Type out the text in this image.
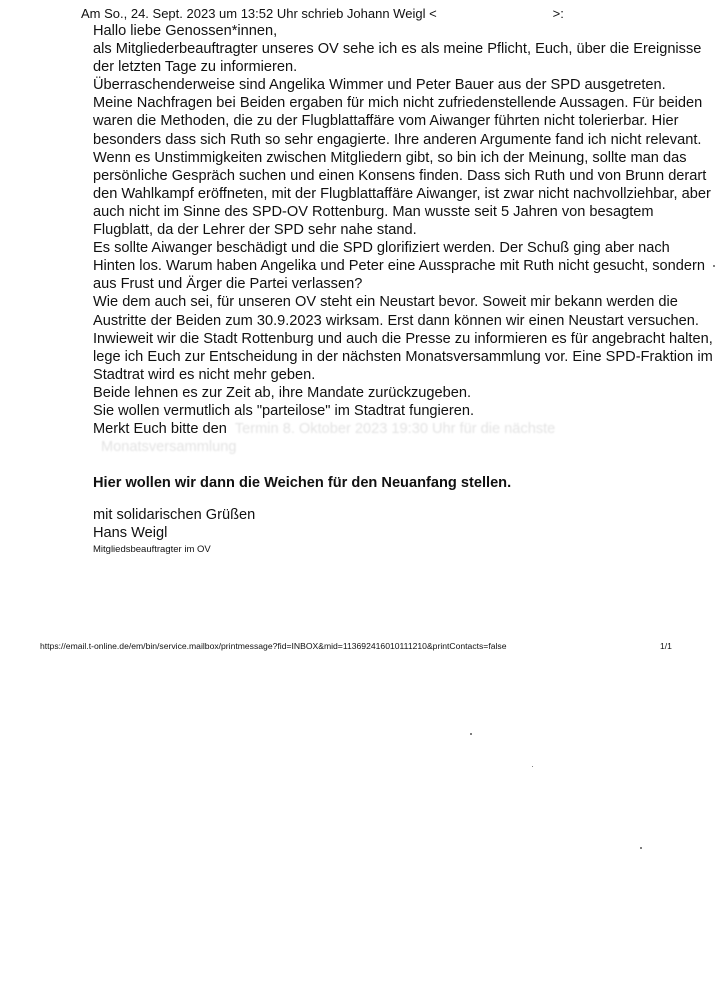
Am So., 24. Sept. 2023 um 13:52 Uhr schrieb Johann Weigl <	>:

Hallo liebe Genossen*innen,

als Mitgliederbeauftragter unseres OV sehe ich es als meine Pflicht, Euch, über die Ereignisse der letzten Tage zu informieren.

Überraschenderweise sind Angelika Wimmer und Peter Bauer aus der SPD ausgetreten.

Meine Nachfragen bei Beiden ergaben für mich nicht zufriedenstellende Aussagen. Für beiden waren die Methoden, die zu der Flugblattaffäre vom Aiwanger führten nicht tolerierbar. Hier besonders dass sich Ruth so sehr engagierte. Ihre anderen Argumente fand ich nicht relevant. Wenn es Unstimmigkeiten zwischen Mitgliedern gibt, so bin ich der Meinung, sollte man das persönliche Gespräch suchen und einen Konsens finden. Dass sich Ruth und von Brunn derart den Wahlkampf eröffneten, mit der Flugblattaffäre Aiwanger, ist zwar nicht nachvollziehbar, aber auch nicht im Sinne des SPD-OV Rottenburg. Man wusste seit 5 Jahren von besagtem Flugblatt, da der Lehrer der SPD sehr nahe stand.

Es sollte Aiwanger beschädigt und die SPD glorifiziert werden. Der Schuß ging aber nach Hinten los. Warum haben Angelika und Peter eine Aussprache mit Ruth nicht gesucht, sondern aus Frust und Ärger die Partei verlassen?

Wie dem auch sei, für unseren OV steht ein Neustart bevor. Soweit mir bekann werden die Austritte der Beiden zum 30.9.2023 wirksam. Erst dann können wir einen Neustart versuchen.

Inwieweit wir die Stadt Rottenburg und auch die Presse zu informieren es für angebracht halten, lege ich Euch zur Entscheidung in der nächsten Monatsversammlung vor. Eine SPD-Fraktion im Stadtrat wird es nicht mehr geben.

Beide lehnen es zur Zeit ab, ihre Mandate zurückzugeben.

Sie wollen vermutlich als "parteilose" im Stadtrat fungieren.

Merkt Euch bitte den Termin 8. Oktober 2023 19:30 Uhr für die nächste

Monatsversammlung

Hier wollen wir dann die Weichen für den Neuanfang stellen.

mit solidarischen Grüßen

Hans Weigl

Mitgliedsbeauftragter im OV

https://email.t-online.de/em/bin/service.mailbox/printmessage?fid=INBOX&mid=113692416010111210&printContacts=false	1/1
